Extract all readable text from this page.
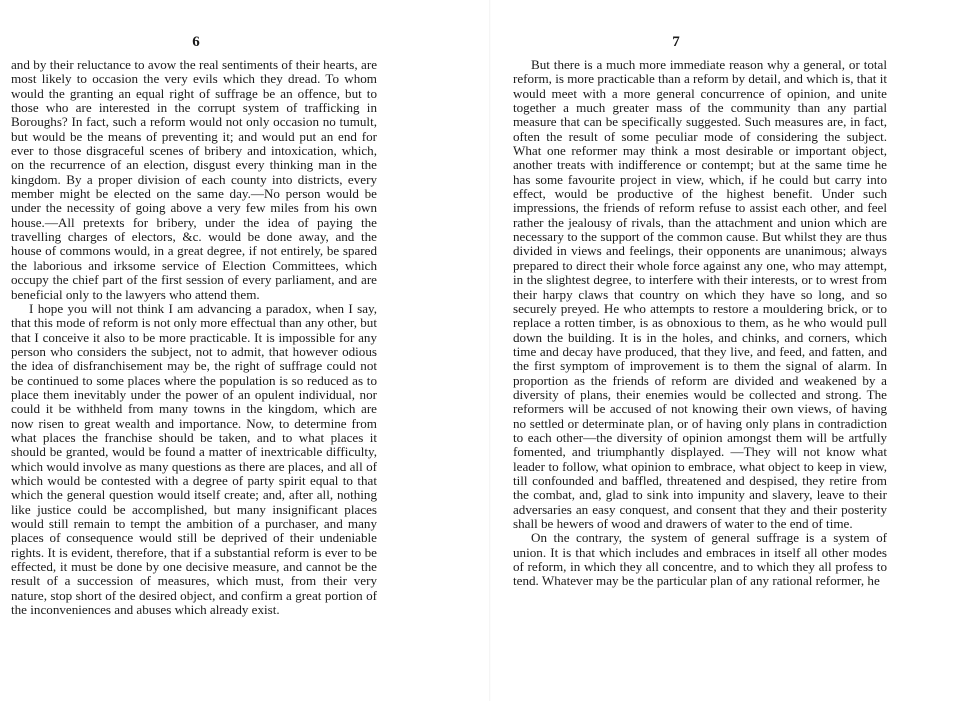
6

and by their reluctance to avow the real sentiments of their hearts, are most likely to occasion the very evils which they dread. To whom would the granting an equal right of suffrage be an offence, but to those who are interested in the corrupt system of trafficking in Boroughs? In fact, such a reform would not only occasion no tumult, but would be the means of preventing it; and would put an end for ever to those disgraceful scenes of bribery and intoxication, which, on the recurrence of an election, disgust every thinking man in the kingdom. By a proper division of each county into districts, every member might be elected on the same day.—No person would be under the necessity of going above a very few miles from his own house.—All pretexts for bribery, under the idea of paying the travelling charges of electors, &c. would be done away, and the house of commons would, in a great degree, if not entirely, be spared the laborious and irksome service of Election Committees, which occupy the chief part of the first session of every parliament, and are beneficial only to the lawyers who attend them.

I hope you will not think I am advancing a paradox, when I say, that this mode of reform is not only more effectual than any other, but that I conceive it also to be more practicable. It is impossible for any person who considers the subject, not to admit, that however odious the idea of disfranchisement may be, the right of suffrage could not be continued to some places where the population is so reduced as to place them inevitably under the power of an opulent individual, nor could it be withheld from many towns in the kingdom, which are now risen to great wealth and importance. Now, to determine from what places the franchise should be taken, and to what places it should be granted, would be found a matter of inextricable difficulty, which would involve as many questions as there are places, and all of which would be contested with a degree of party spirit equal to that which the general question would itself create; and, after all, nothing like justice could be accomplished, but many insignificant places would still remain to tempt the ambition of a purchaser, and many places of consequence would still be deprived of their undeniable rights. It is evident, therefore, that if a substantial reform is ever to be effected, it must be done by one decisive measure, and cannot be the result of a succession of measures, which must, from their very nature, stop short of the desired object, and confirm a great portion of the inconveniences and abuses which already exist.

7

But there is a much more immediate reason why a general, or total reform, is more practicable than a reform by detail, and which is, that it would meet with a more general concurrence of opinion, and unite together a much greater mass of the community than any partial measure that can be specifically suggested. Such measures are, in fact, often the result of some peculiar mode of considering the subject. What one reformer may think a most desirable or important object, another treats with indifference or contempt; but at the same time he has some favourite project in view, which, if he could but carry into effect, would be productive of the highest benefit. Under such impressions, the friends of reform refuse to assist each other, and feel rather the jealousy of rivals, than the attachment and union which are necessary to the support of the common cause. But whilst they are thus divided in views and feelings, their opponents are unanimous; always prepared to direct their whole force against any one, who may attempt, in the slightest degree, to interfere with their interests, or to wrest from their harpy claws that country on which they have so long, and so securely preyed. He who attempts to restore a mouldering brick, or to replace a rotten timber, is as obnoxious to them, as he who would pull down the building. It is in the holes, and chinks, and corners, which time and decay have produced, that they live, and feed, and fatten, and the first symptom of improvement is to them the signal of alarm. In proportion as the friends of reform are divided and weakened by a diversity of plans, their enemies would be collected and strong. The reformers will be accused of not knowing their own views, of having no settled or determinate plan, or of having only plans in contradiction to each other—the diversity of opinion amongst them will be artfully fomented, and triumphantly displayed. —They will not know what leader to follow, what opinion to embrace, what object to keep in view, till confounded and baffled, threatened and despised, they retire from the combat, and, glad to sink into impunity and slavery, leave to their adversaries an easy conquest, and consent that they and their posterity shall be hewers of wood and drawers of water to the end of time.

On the contrary, the system of general suffrage is a system of union. It is that which includes and embraces in itself all other modes of reform, in which they all concentre, and to which they all profess to tend. Whatever may be the particular plan of any rational reformer, he
